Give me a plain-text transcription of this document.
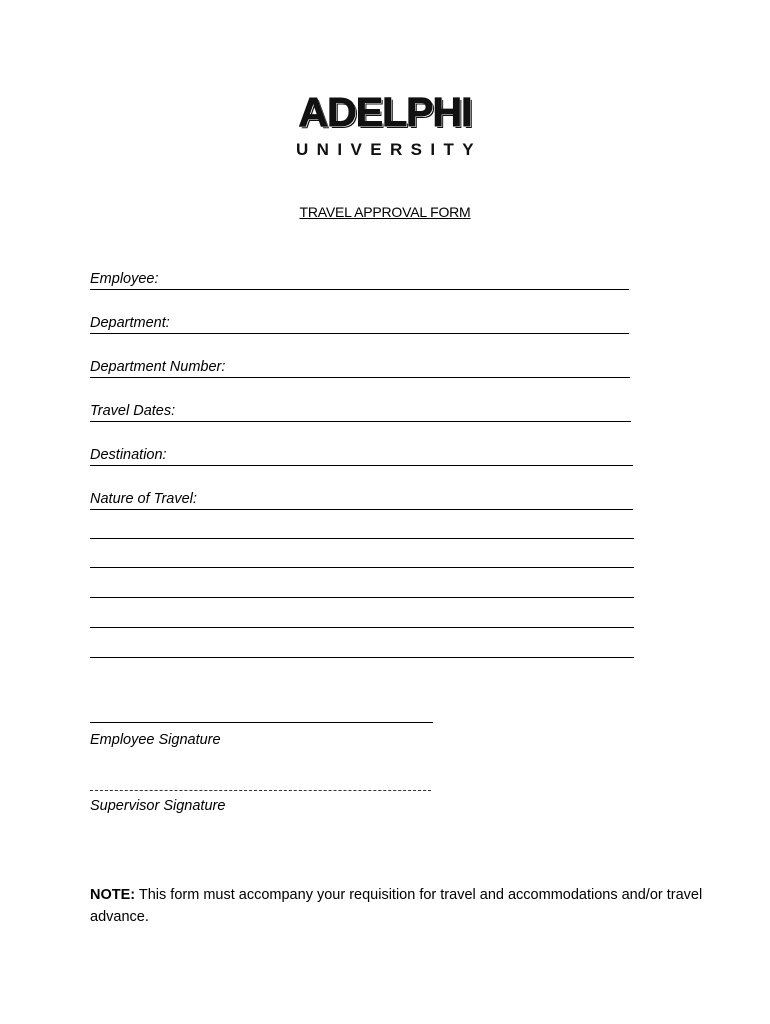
ADELPHI
UNIVERSITY
TRAVEL APPROVAL FORM
Employee:
Department:
Department Number:
Travel Dates:
Destination:
Nature of Travel:
Employee Signature
Supervisor Signature
NOTE: This form must accompany your requisition for travel and accommodations and/or travel advance.
